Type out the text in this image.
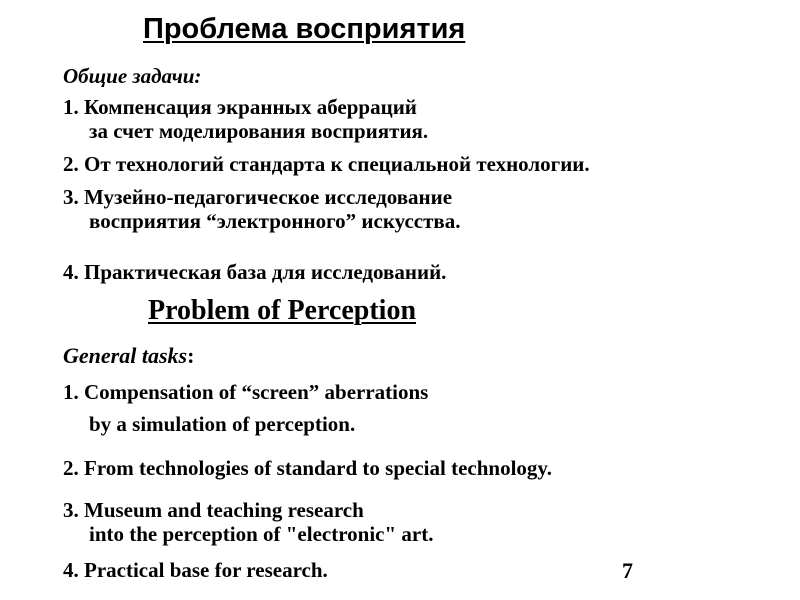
Проблема восприятия
Общие задачи:
1. Компенсация экранных аберраций
за счет моделирования восприятия.
2. От технологий стандарта к специальной технологии.
3. Музейно-педагогическое исследование
восприятия “электронного” искусства.
4. Практическая база для исследований.
Problem of Perception
General tasks:
1. Compensation of “screen” aberrations
by a simulation of perception.
2. From technologies of standard to special technology.
3. Museum and teaching research
into the perception of "electronic" art.
4. Practical base for research.	7
